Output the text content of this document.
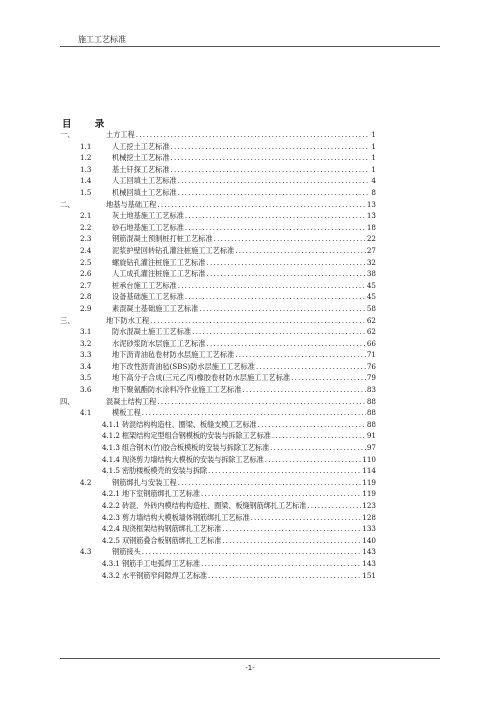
施工工艺标准
目 录
一、	土方工程 .....	1
1.1	人工挖土工艺标准 .....	1
1.2	机械挖土工艺标准 .....	1
1.3	基土钎探工艺标准 .....	1
1.4	人工回填土工艺标准 .....	4
1.5	机械回填土工艺标准 .....	8
二、	地基与基础工程 .....	13
2.1	灰土地基施工工艺标准 .....	13
2.2	砂石地基施工工艺标准 .....	18
2.3	钢筋混凝土预制桩打桩工艺标准 .....	22
2.4	泥浆护壁回转钻孔灌注桩施工工艺标准 .....	27
2.5	螺旋钻孔灌注桩施工工艺标准 .....	32
2.6	人工成孔灌注桩施工工艺标准 .....	38
2.7	桩承台施工工艺标准 .....	45
2.8	设备基础施工工艺标准 .....	45
2.9	素混凝土基础施工工艺标准 .....	58
三、	地下防水工程 .....	62
3.1	防水混凝土施工工艺标准 .....	62
3.2	水泥砂浆防水层施工工艺标准 .....	66
3.3	地下沥青油毡卷材防水层施工工艺标准 .....	71
3.4	地下改性沥青油毡(SBS)防水层施工工艺标准 .....	76
3.5	地下高分子合成(三元乙丙)橡胶卷材防水层施工工艺标准 .....	79
3.6	地下聚氨酯防水涂料冷作业施工工艺标准 .....	83
四、	混凝土结构工程 .....	88
4.1	模板工程 .....	88
4.1.1 砖混结构构造柱、圈梁、板缝支模工艺标准 .....	88
4.1.2 框架结构定型组合钢模板的安装与拆除工艺标准 .....	91
4.1.3 组合钢木(竹)胶合板模板的安装与拆除工艺标准 .....	97
4.1.4 现浇剪力墙结构大模板的安装与拆除工艺标准 .....	110
4.1.5 密肋楼板模壳的安装与拆除 .....	114
4.2	钢筋绑扎与安装工程 .....	119
4.2.1 地下室钢筋绑扎工艺标准 .....	119
4.2.2 砖混、外砖内模结构构造柱、圈梁、板缝钢筋绑扎工艺标准 .....	123
4.2.3 剪力墙结构大模板墙体钢筋绑扎工艺标准 .....	128
4.2.4 现浇框架结构钢筋绑扎工艺标准 .....	133
4.2.5 双钢筋叠合板钢筋绑扎工艺标准 .....	140
4.3	钢筋接头 .....	143
4.3.1 钢筋手工电弧焊工艺标准 .....	143
4.3.2 水平钢筋窄间隙焊工艺标准 .....	151
-1-
